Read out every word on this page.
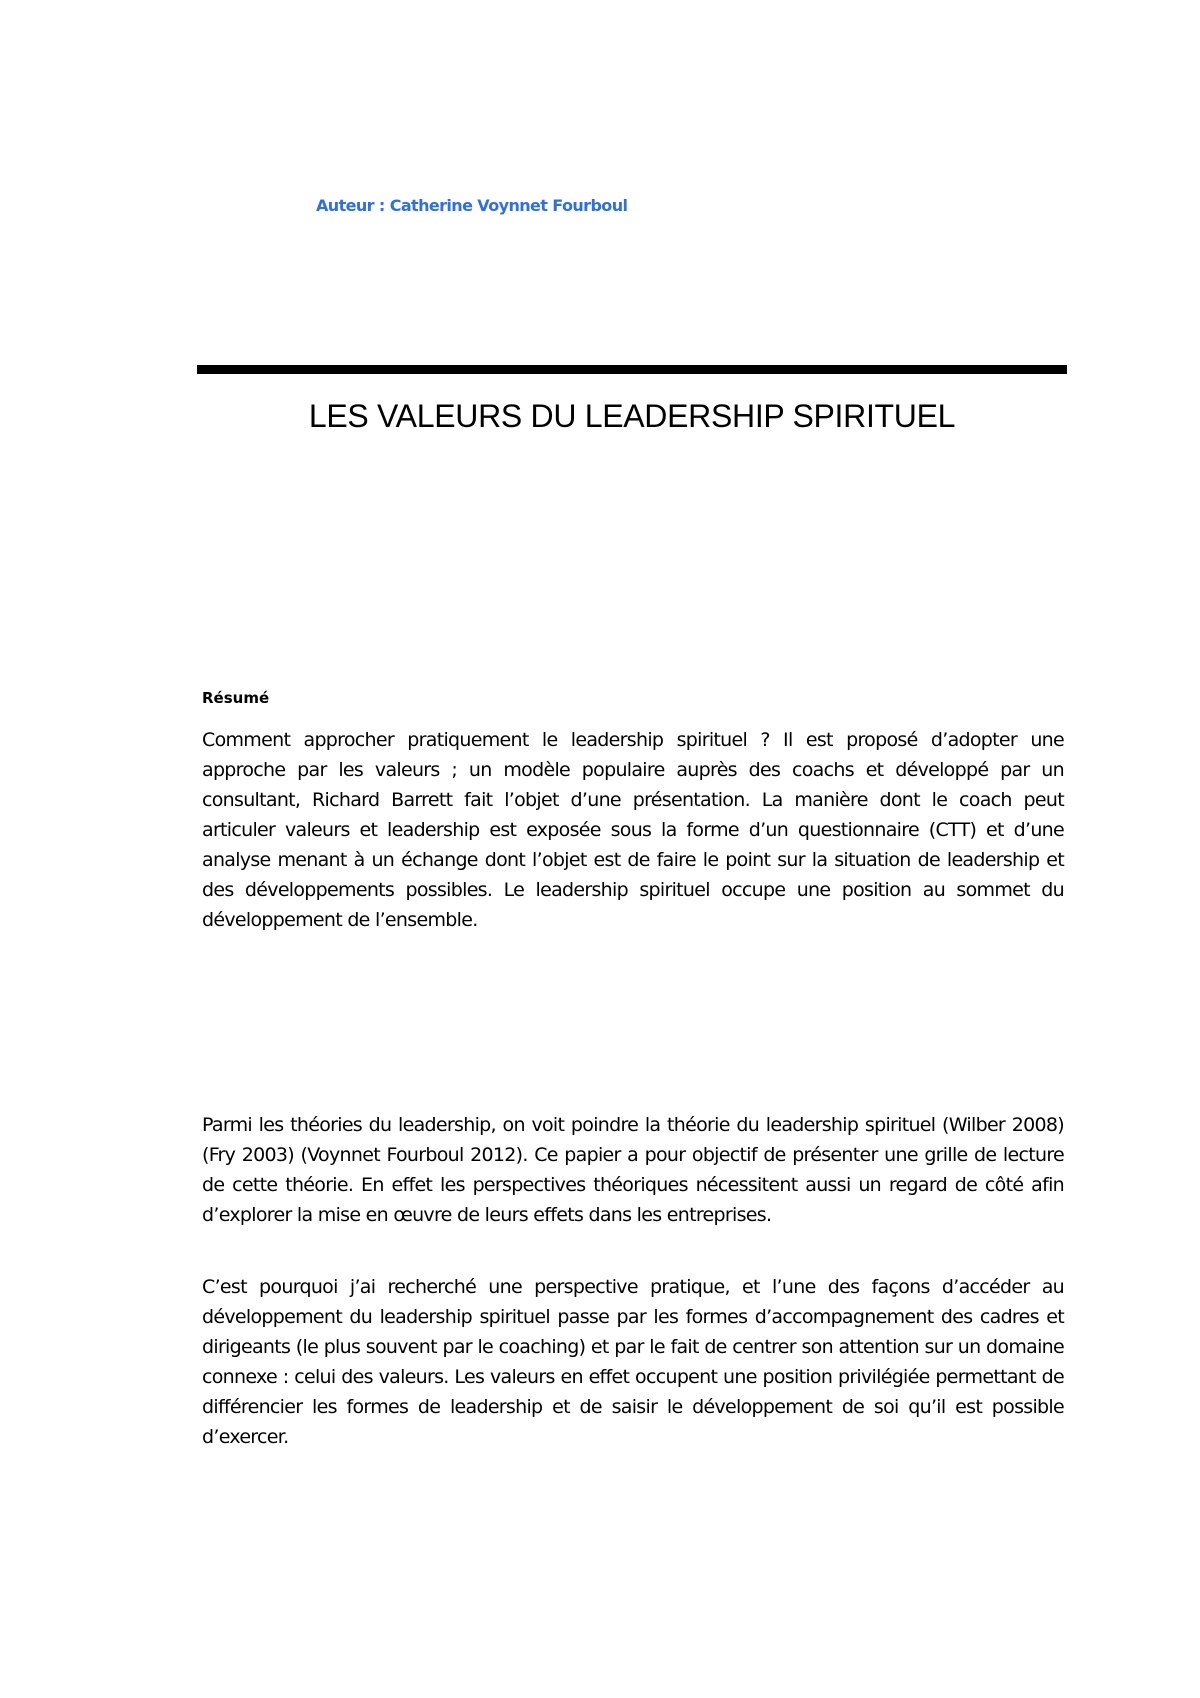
Auteur : Catherine Voynnet Fourboul
LES VALEURS DU LEADERSHIP SPIRITUEL
Résumé

Comment approcher pratiquement le leadership spirituel ? Il est proposé d’adopter une approche par les valeurs ; un modèle populaire auprès des coachs et développé par un consultant, Richard Barrett fait l’objet d’une présentation. La manière dont le coach peut articuler valeurs et leadership est exposée sous la forme d’un questionnaire (CTT) et d’une analyse menant à un échange dont l’objet est de faire le point sur la situation de leadership et des développements possibles. Le leadership spirituel occupe une position au sommet du développement de l’ensemble.

Parmi les théories du leadership, on voit poindre la théorie du leadership spirituel (Wilber 2008) (Fry 2003) (Voynnet Fourboul 2012). Ce papier a pour objectif de présenter une grille de lecture de cette théorie. En effet les perspectives théoriques nécessitent aussi un regard de côté afin d’explorer la mise en œuvre de leurs effets dans les entreprises.

C’est pourquoi j’ai recherché une perspective pratique, et l’une des façons d’accéder au développement du leadership spirituel passe par les formes d’accompagnement des cadres et dirigeants (le plus souvent par le coaching) et par le fait de centrer son attention sur un domaine connexe : celui des valeurs. Les valeurs en effet occupent une position privilégiée permettant de différencier les formes de leadership et de saisir le développement de soi qu’il est possible d’exercer.
